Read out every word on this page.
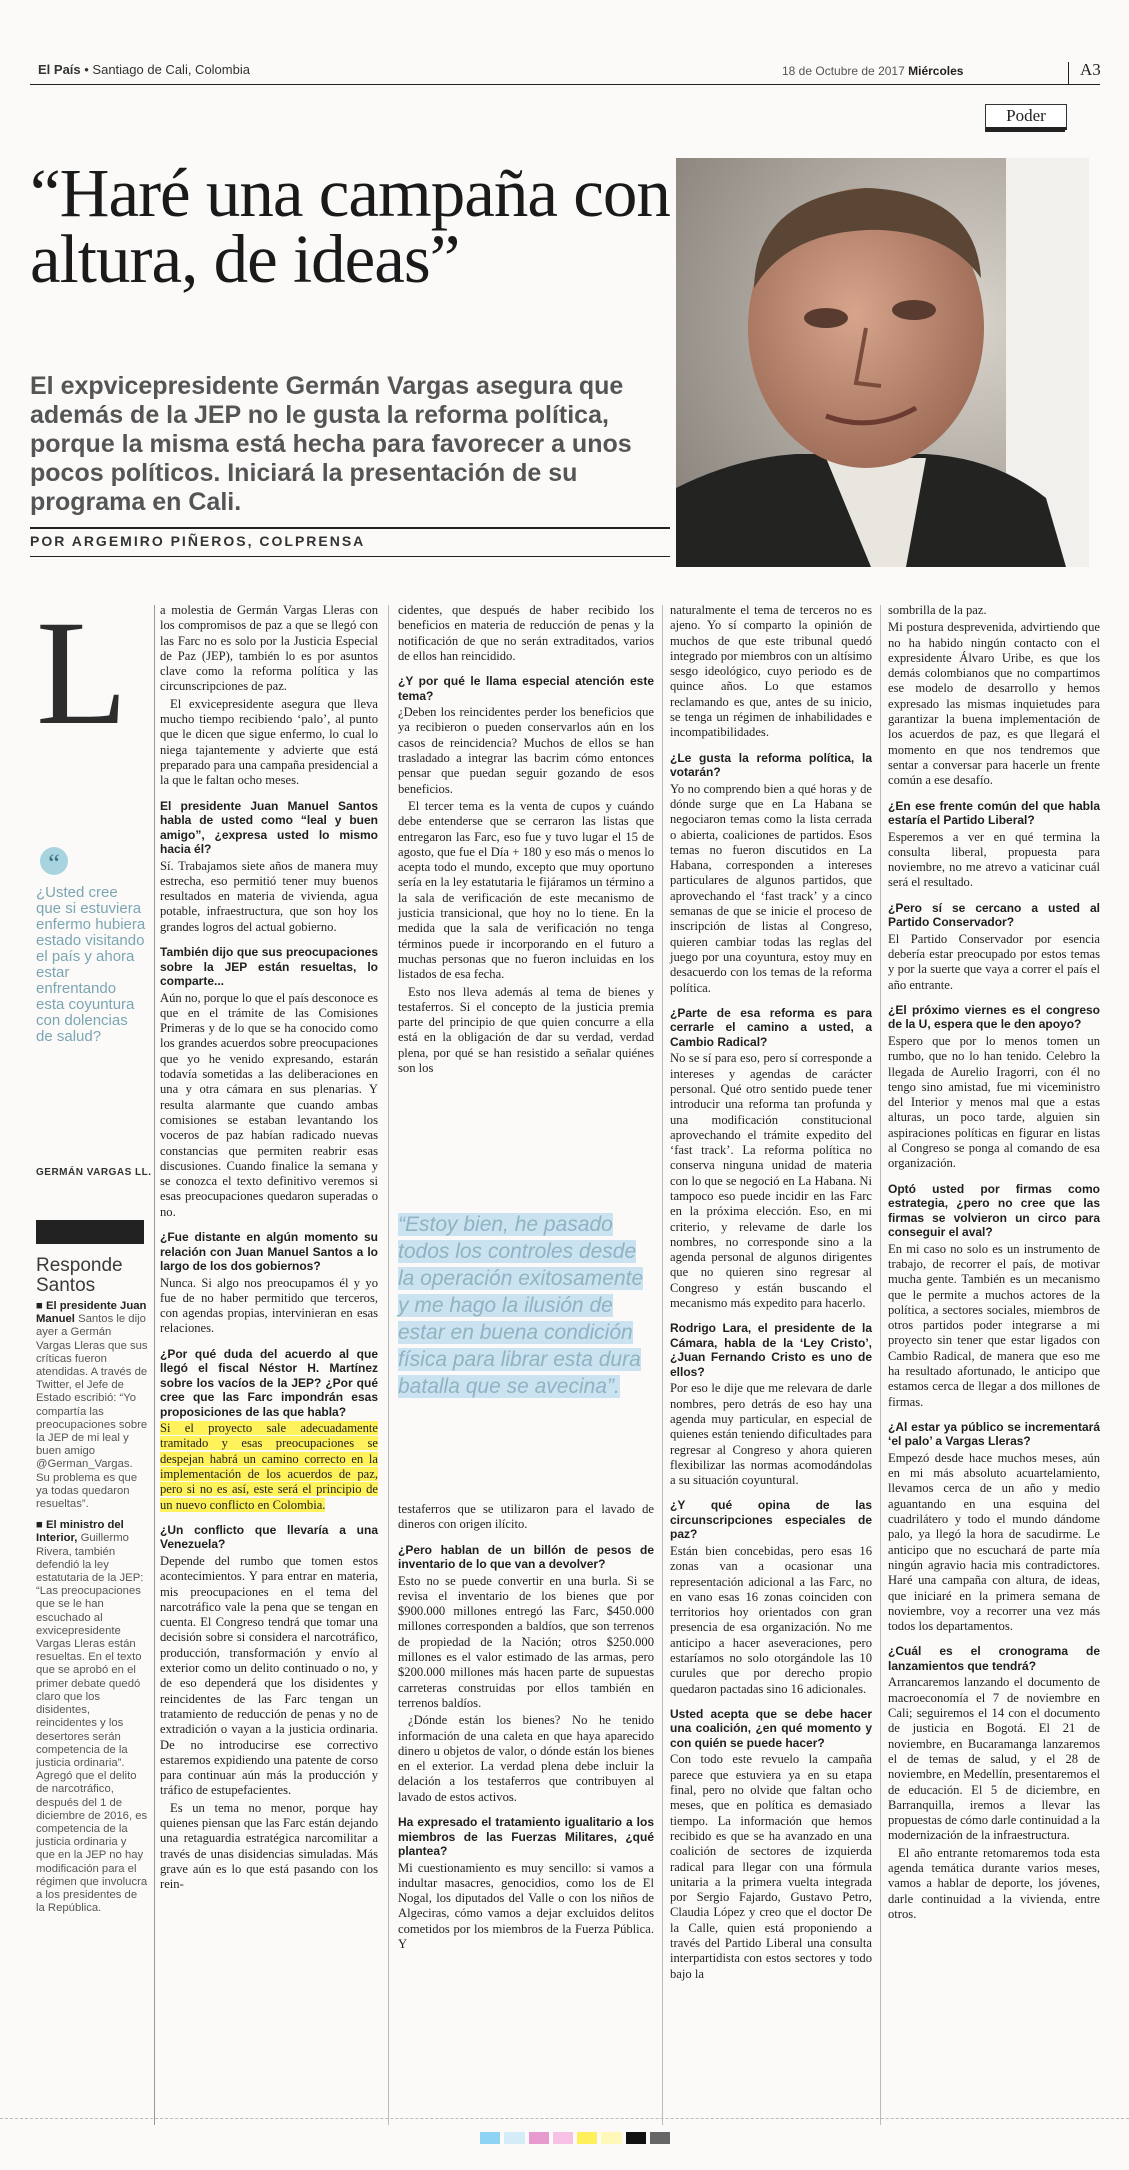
El País • Santiago de Cali, Colombia	18 de Octubre de 2017 Miércoles	A3
Poder
“Haré una campaña con altura, de ideas”
El expvicepresidente Germán Vargas asegura que además de la JEP no le gusta la reforma política, porque la misma está hecha para favorecer a unos pocos políticos. Iniciará la presentación de su programa en Cali.
POR ARGEMIRO PIÑEROS, COLPRENSA
L
“
¿Usted cree que si estuviera enfermo hubiera estado visitando el país y ahora estar enfrentando esta coyuntura con dolencias de salud?
GERMÁN VARGAS LL.
Responde Santos
■ El presidente Juan Manuel Santos le dijo ayer a Germán Vargas Lleras que sus críticas fueron atendidas. A través de Twitter, el Jefe de Estado escribió: “Yo compartía las preocupaciones sobre la JEP de mi leal y buen amigo @German_Vargas. Su problema es que ya todas quedaron resueltas”.
■ El ministro del Interior, Guillermo Rivera, también defendió la ley estatutaria de la JEP: “Las preocupaciones que se le han escuchado al exvicepresidente Vargas Lleras están resueltas. En el texto que se aprobó en el primer debate quedó claro que los disidentes, reincidentes y los desertores serán competencia de la justicia ordinaria”. Agregó que el delito de narcotráfico, después del 1 de diciembre de 2016, es competencia de la justicia ordinaria y que en la JEP no hay modificación para el régimen que involucra a los presidentes de la República.

a molestia de Germán Vargas Lleras con los compromisos de paz a que se llegó con las Farc no es solo por la Justicia Especial de Paz (JEP), también lo es por asuntos clave como la reforma política y las circunscripciones de paz.

El exvicepresidente asegura que lleva mucho tiempo recibiendo ‘palo’, al punto que le dicen que sigue enfermo, lo cual lo niega tajantemente y advierte que está preparado para una campaña presidencial a la que le faltan ocho meses.

El presidente Juan Manuel Santos habla de usted como “leal y buen amigo”, ¿expresa usted lo mismo hacia él?

Sí. Trabajamos siete años de manera muy estrecha, eso permitió tener muy buenos resultados en materia de vivienda, agua potable, infraestructura, que son hoy los grandes logros del actual gobierno.

También dijo que sus preocupaciones sobre la JEP están resueltas, lo comparte...

Aún no, porque lo que el país desconoce es que en el trámite de las Comisiones Primeras y de lo que se ha conocido como los grandes acuerdos sobre preocupaciones que yo he venido expresando, estarán todavía sometidas a las deliberaciones en una y otra cámara en sus plenarias. Y resulta alarmante que cuando ambas comisiones se estaban levantando los voceros de paz habían radicado nuevas constancias que permiten reabrir esas discusiones. Cuando finalice la semana y se conozca el texto definitivo veremos si esas preocupaciones quedaron superadas o no.

¿Fue distante en algún momento su relación con Juan Manuel Santos a lo largo de los dos gobiernos?

Nunca. Si algo nos preocupamos él y yo fue de no haber permitido que terceros, con agendas propias, intervinieran en esas relaciones.

¿Por qué duda del acuerdo al que llegó el fiscal Néstor H. Martínez sobre los vacíos de la JEP? ¿Por qué cree que las Farc impondrán esas proposiciones de las que habla?

Si el proyecto sale adecuadamente tramitado y esas preocupaciones se despejan habrá un camino correcto en la implementación de los acuerdos de paz, pero si no es así, este será el principio de un nuevo conflicto en Colombia.

¿Un conflicto que llevaría a una Venezuela?

Depende del rumbo que tomen estos acontecimientos. Y para entrar en materia, mis preocupaciones en el tema del narcotráfico vale la pena que se tengan en cuenta. El Congreso tendrá que tomar una decisión sobre si considera el narcotráfico, producción, transformación y envío al exterior como un delito continuado o no, y de eso dependerá que los disidentes y reincidentes de las Farc tengan un tratamiento de reducción de penas y no de extradición o vayan a la justicia ordinaria. De no introducirse ese correctivo estaremos expidiendo una patente de corso para continuar aún más la producción y tráfico de estupefacientes.

Es un tema no menor, porque hay quienes piensan que las Farc están dejando una retaguardia estratégica narcomilitar a través de unas disidencias simuladas. Más grave aún es lo que está pasando con los rein-

cidentes, que después de haber recibido los beneficios en materia de reducción de penas y la notificación de que no serán extraditados, varios de ellos han reincidido.

¿Y por qué le llama especial atención este tema?

¿Deben los reincidentes perder los beneficios que ya recibieron o pueden conservarlos aún en los casos de reincidencia? Muchos de ellos se han trasladado a integrar las bacrim cómo entonces pensar que puedan seguir gozando de esos beneficios.

El tercer tema es la venta de cupos y cuándo debe entenderse que se cerraron las listas que entregaron las Farc, eso fue y tuvo lugar el 15 de agosto, que fue el Día + 180 y eso más o menos lo acepta todo el mundo, excepto que muy oportuno sería en la ley estatutaria le fijáramos un término a la sala de verificación de este mecanismo de justicia transicional, que hoy no lo tiene. En la medida que la sala de verificación no tenga términos puede ir incorporando en el futuro a muchas personas que no fueron incluidas en los listados de esa fecha.

Esto nos lleva además al tema de bienes y testaferros. Si el concepto de la justicia premia parte del principio de que quien concurre a ella está en la obligación de dar su verdad, verdad plena, por qué se han resistido a señalar quiénes son los

“Estoy bien, he pasado todos los controles desde la operación exitosamente y me hago la ilusión de estar en buena condición física para librar esta dura batalla que se avecina”.

testaferros que se utilizaron para el lavado de dineros con origen ilícito.

¿Pero hablan de un billón de pesos de inventario de lo que van a devolver?

Esto no se puede convertir en una burla. Si se revisa el inventario de los bienes que por $900.000 millones entregó las Farc, $450.000 millones corresponden a baldíos, que son terrenos de propiedad de la Nación; otros $250.000 millones es el valor estimado de las armas, pero $200.000 millones más hacen parte de supuestas carreteras construidas por ellos también en terrenos baldíos.

¿Dónde están los bienes? No he tenido información de una caleta en que haya aparecido dinero u objetos de valor, o dónde están los bienes en el exterior. La verdad plena debe incluir la delación a los testaferros que contribuyen al lavado de estos activos.

Ha expresado el tratamiento igualitario a los miembros de las Fuerzas Militares, ¿qué plantea?

Mi cuestionamiento es muy sencillo: si vamos a indultar masacres, genocidios, como los de El Nogal, los diputados del Valle o con los niños de Algeciras, cómo vamos a dejar excluidos delitos cometidos por los miembros de la Fuerza Pública. Y

naturalmente el tema de terceros no es ajeno. Yo sí comparto la opinión de muchos de que este tribunal quedó integrado por miembros con un altísimo sesgo ideológico, cuyo periodo es de quince años. Lo que estamos reclamando es que, antes de su inicio, se tenga un régimen de inhabilidades e incompatibilidades.

¿Le gusta la reforma política, la votarán?

Yo no comprendo bien a qué horas y de dónde surge que en La Habana se negociaron temas como la lista cerrada o abierta, coaliciones de partidos. Esos temas no fueron discutidos en La Habana, corresponden a intereses particulares de algunos partidos, que aprovechando el ‘fast track’ y a cinco semanas de que se inicie el proceso de inscripción de listas al Congreso, quieren cambiar todas las reglas del juego por una coyuntura, estoy muy en desacuerdo con los temas de la reforma política.

¿Parte de esa reforma es para cerrarle el camino a usted, a Cambio Radical?

No se sí para eso, pero sí corresponde a intereses y agendas de carácter personal. Qué otro sentido puede tener introducir una reforma tan profunda y una modificación constitucional aprovechando el trámite expedito del ‘fast track’. La reforma política no conserva ninguna unidad de materia con lo que se negoció en La Habana. Ni tampoco eso puede incidir en las Farc en la próxima elección. Eso, en mi criterio, y relevame de darle los nombres, no corresponde sino a la agenda personal de algunos dirigentes que no quieren sino regresar al Congreso y están buscando el mecanismo más expedito para hacerlo.

Rodrigo Lara, el presidente de la Cámara, habla de la ‘Ley Cristo’, ¿Juan Fernando Cristo es uno de ellos?

Por eso le dije que me relevara de darle nombres, pero detrás de eso hay una agenda muy particular, en especial de quienes están teniendo dificultades para regresar al Congreso y ahora quieren flexibilizar las normas acomodándolas a su situación coyuntural.

¿Y qué opina de las circunscripciones especiales de paz?

Están bien concebidas, pero esas 16 zonas van a ocasionar una representación adicional a las Farc, no en vano esas 16 zonas coinciden con territorios hoy orientados con gran presencia de esa organización. No me anticipo a hacer aseveraciones, pero estaríamos no solo otorgándole las 10 curules que por derecho propio quedaron pactadas sino 16 adicionales.

Usted acepta que se debe hacer una coalición, ¿en qué momento y con quién se puede hacer?

Con todo este revuelo la campaña parece que estuviera ya en su etapa final, pero no olvide que faltan ocho meses, que en política es demasiado tiempo. La información que hemos recibido es que se ha avanzado en una coalición de sectores de izquierda radical para llegar con una fórmula unitaria a la primera vuelta integrada por Sergio Fajardo, Gustavo Petro, Claudia López y creo que el doctor De la Calle, quien está proponiendo a través del Partido Liberal una consulta interpartidista con estos sectores y todo bajo la

sombrilla de la paz.

Mi postura desprevenida, advirtiendo que no ha habido ningún contacto con el expresidente Álvaro Uribe, es que los demás colombianos que no compartimos ese modelo de desarrollo y hemos expresado las mismas inquietudes para garantizar la buena implementación de los acuerdos de paz, es que llegará el momento en que nos tendremos que sentar a conversar para hacerle un frente común a ese desafío.

¿En ese frente común del que habla estaría el Partido Liberal?

Esperemos a ver en qué termina la consulta liberal, propuesta para noviembre, no me atrevo a vaticinar cuál será el resultado.

¿Pero sí se cercano a usted al Partido Conservador?

El Partido Conservador por esencia debería estar preocupado por estos temas y por la suerte que vaya a correr el país el año entrante.

¿El próximo viernes es el congreso de la U, espera que le den apoyo?

Espero que por lo menos tomen un rumbo, que no lo han tenido. Celebro la llegada de Aurelio Iragorri, con él no tengo sino amistad, fue mi viceministro del Interior y menos mal que a estas alturas, un poco tarde, alguien sin aspiraciones políticas en figurar en listas al Congreso se ponga al comando de esa organización.

Optó usted por firmas como estrategia, ¿pero no cree que las firmas se volvieron un circo para conseguir el aval?

En mi caso no solo es un instrumento de trabajo, de recorrer el país, de motivar mucha gente. También es un mecanismo que le permite a muchos actores de la política, a sectores sociales, miembros de otros partidos poder integrarse a mi proyecto sin tener que estar ligados con Cambio Radical, de manera que eso me ha resultado afortunado, le anticipo que estamos cerca de llegar a dos millones de firmas.

¿Al estar ya público se incrementará ‘el palo’ a Vargas Lleras?

Empezó desde hace muchos meses, aún en mi más absoluto acuartelamiento, llevamos cerca de un año y medio aguantando en una esquina del cuadrilátero y todo el mundo dándome palo, ya llegó la hora de sacudirme. Le anticipo que no escuchará de parte mía ningún agravio hacia mis contradictores. Haré una campaña con altura, de ideas, que iniciaré en la primera semana de noviembre, voy a recorrer una vez más todos los departamentos.

¿Cuál es el cronograma de lanzamientos que tendrá?

Arrancaremos lanzando el documento de macroeconomía el 7 de noviembre en Cali; seguiremos el 14 con el documento de justicia en Bogotá. El 21 de noviembre, en Bucaramanga lanzaremos el de temas de salud, y el 28 de noviembre, en Medellín, presentaremos el de educación. El 5 de diciembre, en Barranquilla, iremos a llevar las propuestas de cómo darle continuidad a la modernización de la infraestructura.

El año entrante retomaremos toda esta agenda temática durante varios meses, vamos a hablar de deporte, los jóvenes, darle continuidad a la vivienda, entre otros.
